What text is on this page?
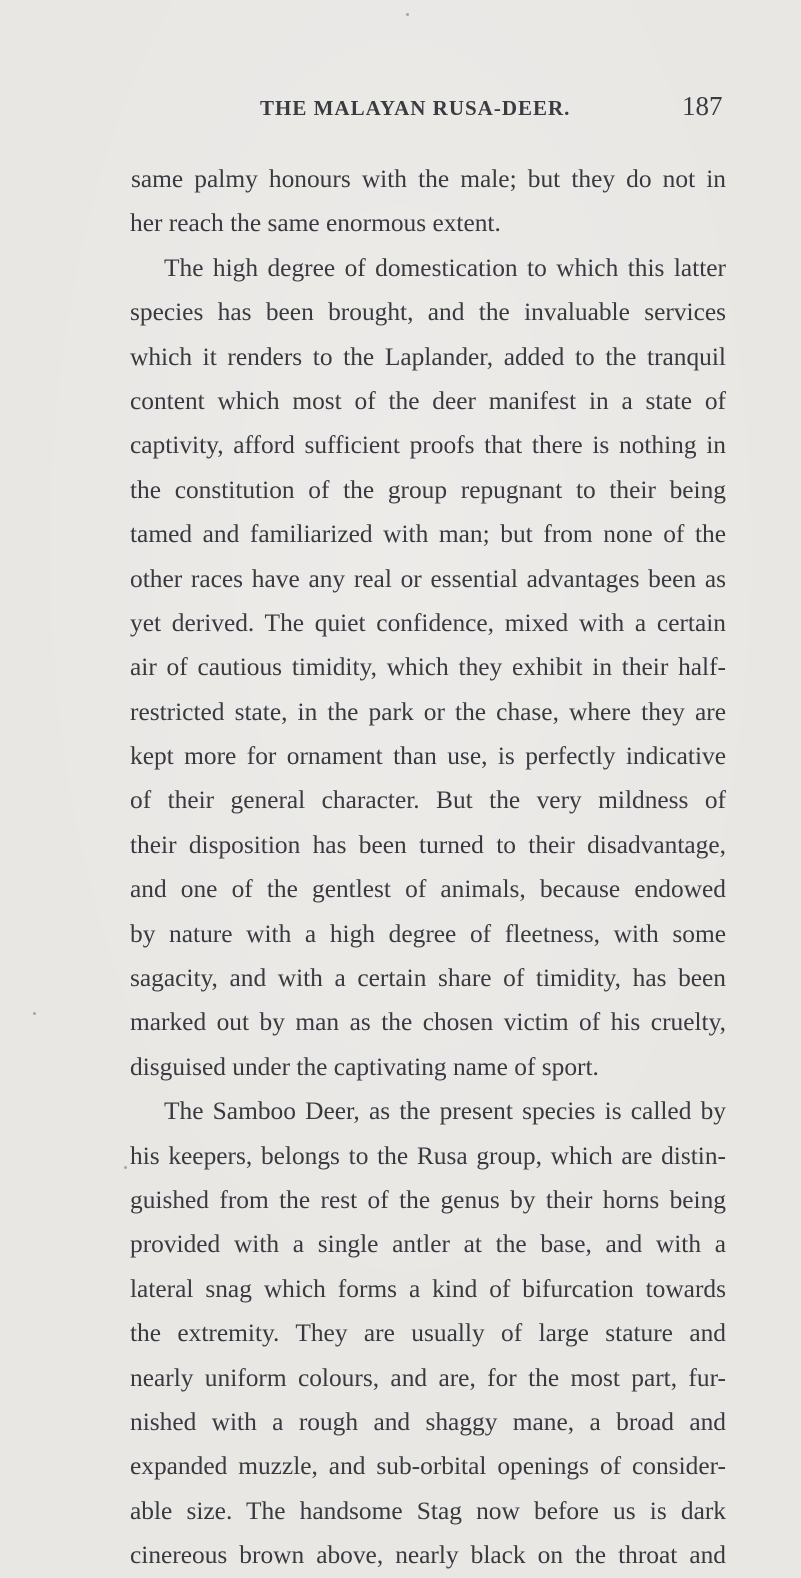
THE MALAYAN RUSA-DEER.	187
same palmy honours with the male; but they do not in
her reach the same enormous extent.
The high degree of domestication to which this latter
species has been brought, and the invaluable services
which it renders to the Laplander, added to the tranquil
content which most of the deer manifest in a state of
captivity, afford sufficient proofs that there is nothing in
the constitution of the group repugnant to their being
tamed and familiarized with man; but from none of the
other races have any real or essential advantages been as
yet derived. The quiet confidence, mixed with a certain
air of cautious timidity, which they exhibit in their half-
restricted state, in the park or the chase, where they are
kept more for ornament than use, is perfectly indicative
of their general character. But the very mildness of
their disposition has been turned to their disadvantage,
and one of the gentlest of animals, because endowed
by nature with a high degree of fleetness, with some
sagacity, and with a certain share of timidity, has been
marked out by man as the chosen victim of his cruelty,
disguised under the captivating name of sport.
The Samboo Deer, as the present species is called by
his keepers, belongs to the Rusa group, which are distin-
guished from the rest of the genus by their horns being
provided with a single antler at the base, and with a
lateral snag which forms a kind of bifurcation towards
the extremity. They are usually of large stature and
nearly uniform colours, and are, for the most part, fur-
nished with a rough and shaggy mane, a broad and
expanded muzzle, and sub-orbital openings of consider-
able size. The handsome Stag now before us is dark
cinereous brown above, nearly black on the throat and
